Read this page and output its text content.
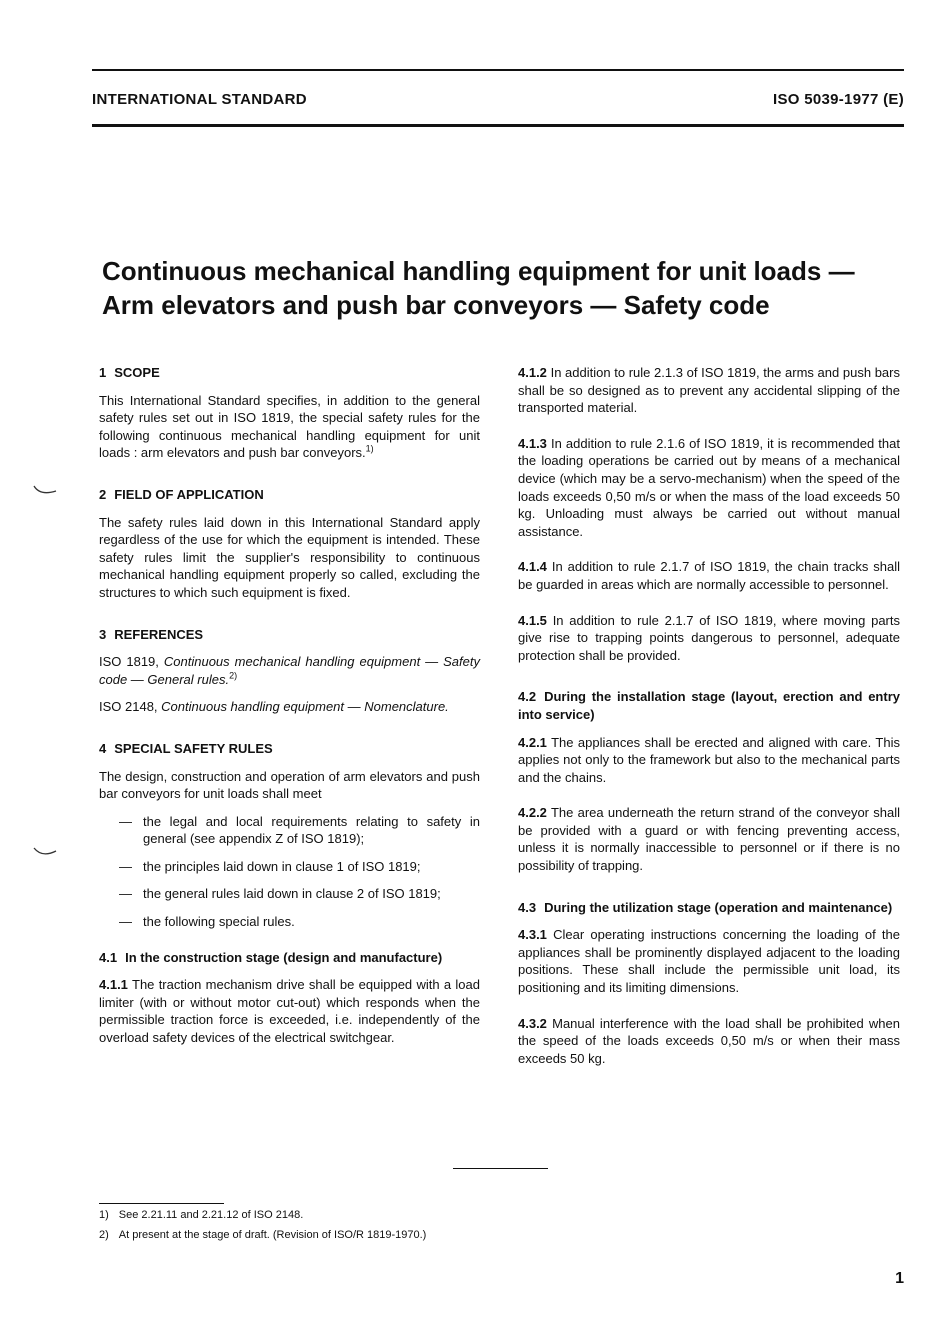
INTERNATIONAL STANDARD	ISO 5039-1977 (E)
Continuous mechanical handling equipment for unit loads —
Arm elevators and push bar conveyors — Safety code
1 SCOPE

This International Standard specifies, in addition to the general safety rules set out in ISO 1819, the special safety rules for the following continuous mechanical handling equipment for unit loads : arm elevators and push bar conveyors.$^{1)}$

2 FIELD OF APPLICATION

The safety rules laid down in this International Standard apply regardless of the use for which the equipment is intended. These safety rules limit the supplier's responsibility to continuous mechanical handling equipment properly so called, excluding the structures to which such equipment is fixed.

3 REFERENCES

ISO 1819, Continuous mechanical handling equipment — Safety code — General rules.$^{2)}$

ISO 2148, Continuous handling equipment — Nomenclature.

4 SPECIAL SAFETY RULES

The design, construction and operation of arm elevators and push bar conveyors for unit loads shall meet

— the legal and local requirements relating to safety in general (see appendix Z of ISO 1819);
— the principles laid down in clause 1 of ISO 1819;
— the general rules laid down in clause 2 of ISO 1819;
— the following special rules.
4.1 In the construction stage (design and manufacture)

4.1.1 The traction mechanism drive shall be equipped with a load limiter (with or without motor cut-out) which responds when the permissible traction force is exceeded, i.e. independently of the overload safety devices of the electrical switchgear.

4.1.2 In addition to rule 2.1.3 of ISO 1819, the arms and push bars shall be so designed as to prevent any accidental slipping of the transported material.

4.1.3 In addition to rule 2.1.6 of ISO 1819, it is recommended that the loading operations be carried out by means of a mechanical device (which may be a servo-mechanism) when the speed of the loads exceeds 0,50 m/s or when the mass of the load exceeds 50 kg. Unloading must always be carried out without manual assistance.

4.1.4 In addition to rule 2.1.7 of ISO 1819, the chain tracks shall be guarded in areas which are normally accessible to personnel.

4.1.5 In addition to rule 2.1.7 of ISO 1819, where moving parts give rise to trapping points dangerous to personnel, adequate protection shall be provided.

4.2 During the installation stage (layout, erection and entry into service)

4.2.1 The appliances shall be erected and aligned with care. This applies not only to the framework but also to the mechanical parts and the chains.

4.2.2 The area underneath the return strand of the conveyor shall be provided with a guard or with fencing preventing access, unless it is normally inaccessible to personnel or if there is no possibility of trapping.

4.3 During the utilization stage (operation and maintenance)

4.3.1 Clear operating instructions concerning the loading of the appliances shall be prominently displayed adjacent to the loading positions. These shall include the permissible unit load, its positioning and its limiting dimensions.

4.3.2 Manual interference with the load shall be prohibited when the speed of the loads exceeds 0,50 m/s or when their mass exceeds 50 kg.

1) See 2.21.11 and 2.21.12 of ISO 2148.
2) At present at the stage of draft. (Revision of ISO/R 1819-1970.)
1
